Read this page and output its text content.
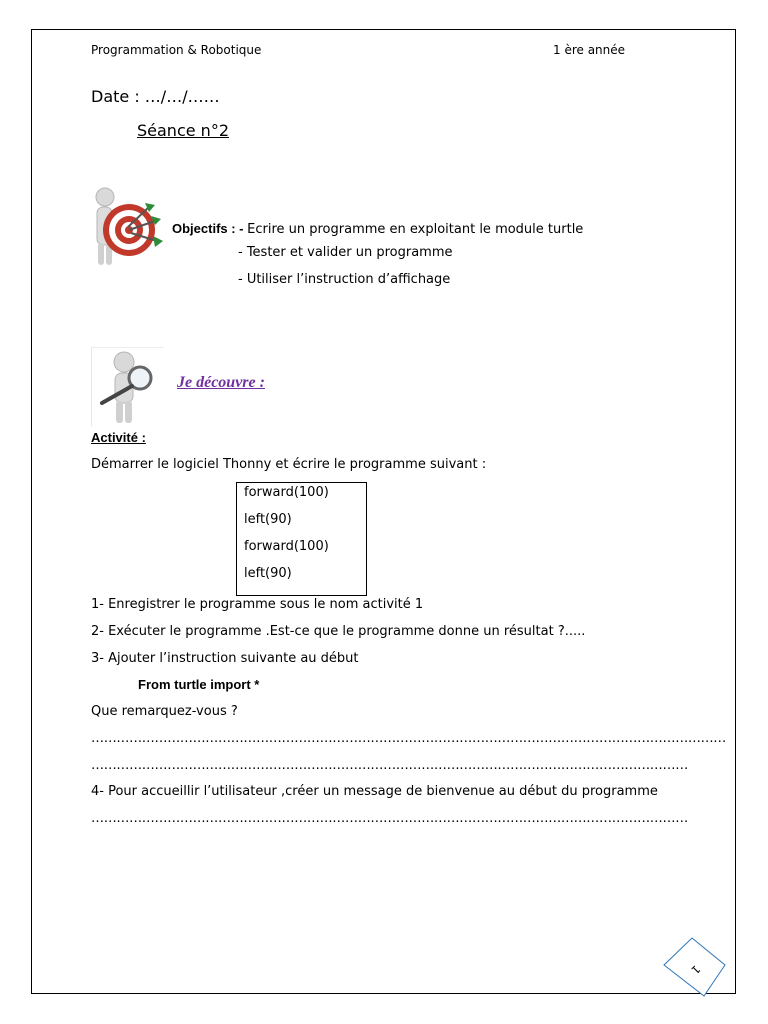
Programmation & Robotique	1 ère année
Date : …/…/……
Séance n°2
Objectifs : - Ecrire un programme en exploitant le module turtle
- Tester et valider un programme
- Utiliser l’instruction d’affichage
Je découvre :
Activité :
Démarrer le logiciel Thonny et écrire le programme suivant :
forward(100)
left(90)
forward(100)
left(90)
1- Enregistrer le programme sous le nom activité 1
2- Exécuter le programme .Est-ce que le programme donne un résultat ?.....
3- Ajouter l’instruction suivante au début
From turtle import *
Que remarquez-vous ?
……………………………………………………………………………………………………………………………………
……………………………………………………………………………………………………………………………
4- Pour accueillir l’utilisateur ,créer un message de bienvenue au début du programme
……………………………………………………………………………………………………………………………
1
